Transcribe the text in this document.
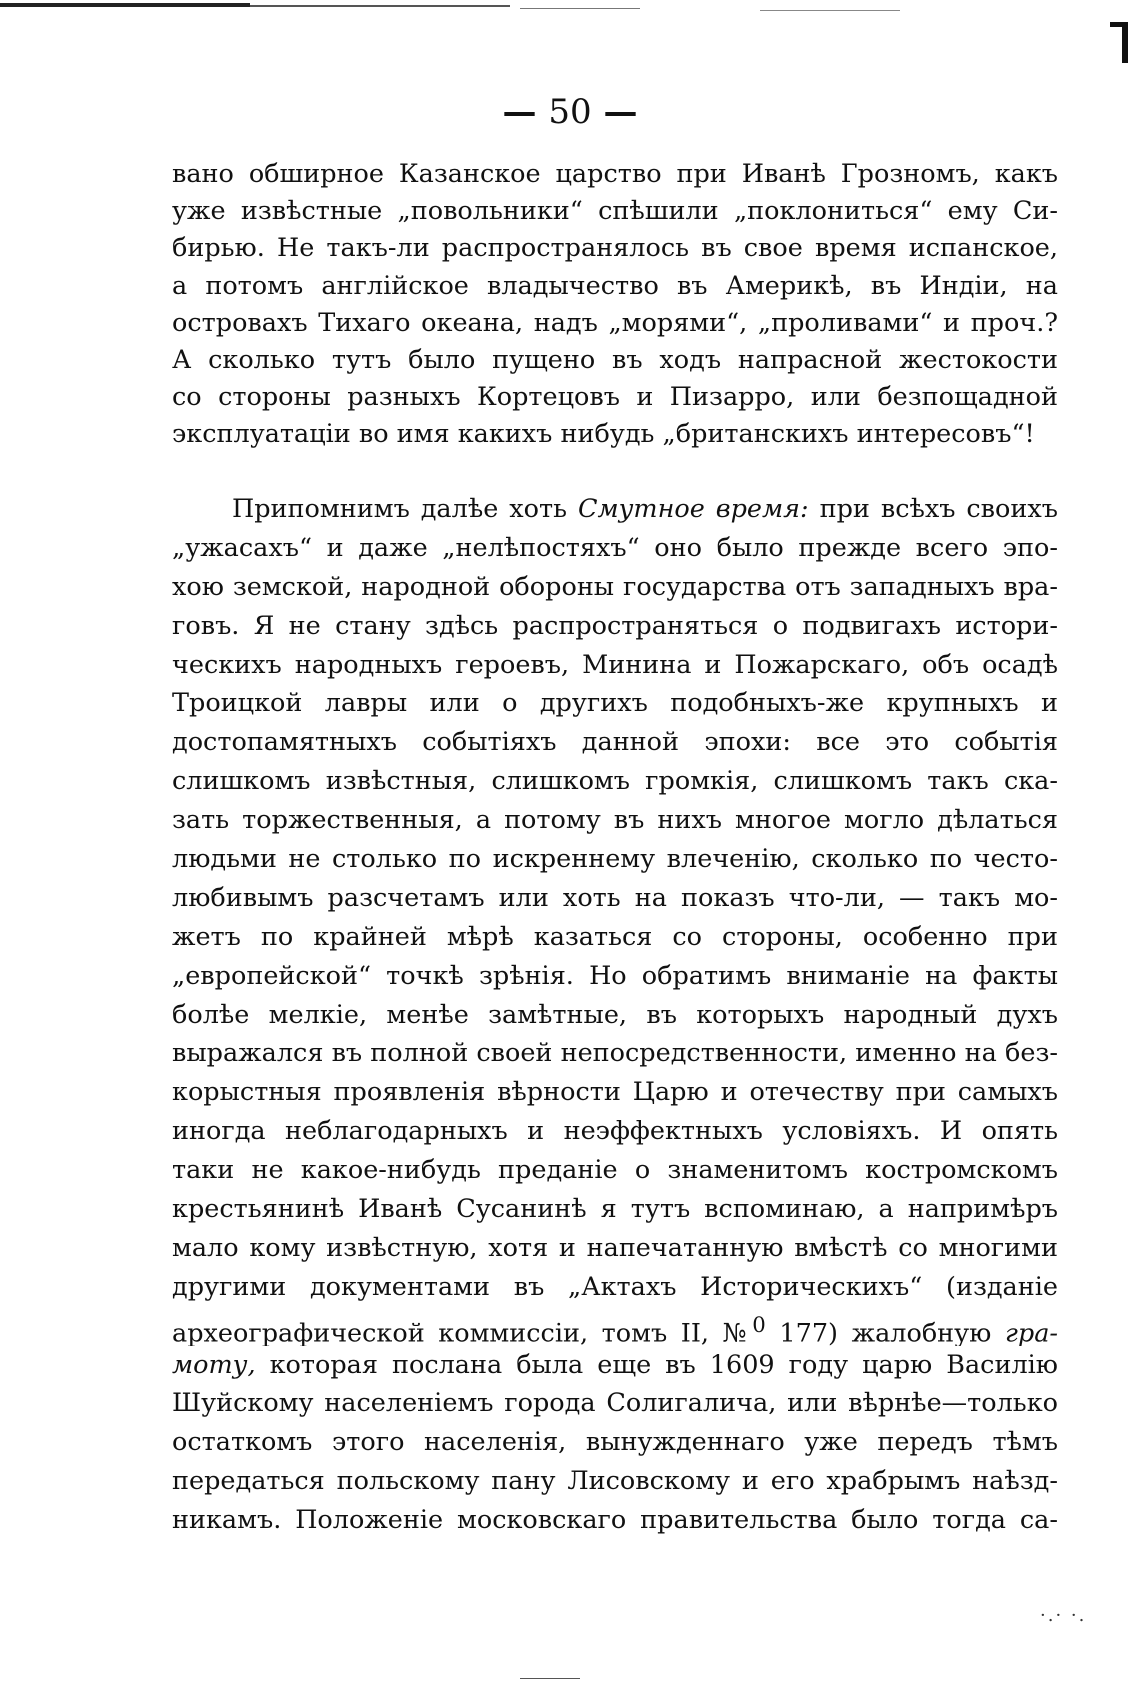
— 50 —
вано обширное Казанское царство при Иванѣ Грозномъ, какъ
уже извѣстные „повольники“ спѣшили „поклониться“ ему Си-
бирью. Не такъ-ли распространялось въ свое время испанское,
а потомъ англійское владычество въ Америкѣ, въ Индіи, на
островахъ Тихаго океана, надъ „морями“, „проливами“ и проч.?
А сколько тутъ было пущено въ ходъ напрасной жестокости
со стороны разныхъ Кортецовъ и Пизарро, или безпощадной
эксплуатаціи во имя какихъ нибудь „британскихъ интересовъ“!
Припомнимъ далѣе хоть Смутное время: при всѣхъ своихъ
„ужасахъ“ и даже „нелѣпостяхъ“ оно было прежде всего эпо-
хою земской, народной обороны государства отъ западныхъ вра-
говъ. Я не стану здѣсь распространяться о подвигахъ истори-
ческихъ народныхъ героевъ, Минина и Пожарскаго, объ осадѣ
Троицкой лавры или о другихъ подобныхъ-же крупныхъ и
достопамятныхъ событіяхъ данной эпохи: все это событія
слишкомъ извѣстныя, слишкомъ громкія, слишкомъ такъ ска-
зать торжественныя, а потому въ нихъ многое могло дѣлаться
людьми не столько по искреннему влеченію, сколько по често-
любивымъ разсчетамъ или хоть на показъ что-ли, — такъ мо-
жетъ по крайней мѣрѣ казаться со стороны, особенно при
„европейской“ точкѣ зрѣнія. Но обратимъ вниманіе на факты
болѣе мелкіе, менѣе замѣтные, въ которыхъ народный духъ
выражался въ полной своей непосредственности, именно на без-
корыстныя проявленія вѣрности Царю и отечеству при самыхъ
иногда неблагодарныхъ и неэффектныхъ условіяхъ. И опять
таки не какое-нибудь преданіе о знаменитомъ костромскомъ
крестьянинѣ Иванѣ Сусанинѣ я тутъ вспоминаю, а напримѣръ
мало кому извѣстную, хотя и напечатанную вмѣстѣ со многими
другими документами въ „Актахъ Историческихъ“ (изданіе
археографической коммиссіи, томъ II, №$^0$ 177) жалобную гра-
моту, которая послана была еще въ 1609 году царю Василію
Шуйскому населеніемъ города Солигалича, или вѣрнѣе—только
остаткомъ этого населенія, вынужденнаго уже передъ тѣмъ
передаться польскому пану Лисовскому и его храбрымъ наѣзд-
никамъ. Положеніе московскаго правительства было тогда са-
·.· ·.
